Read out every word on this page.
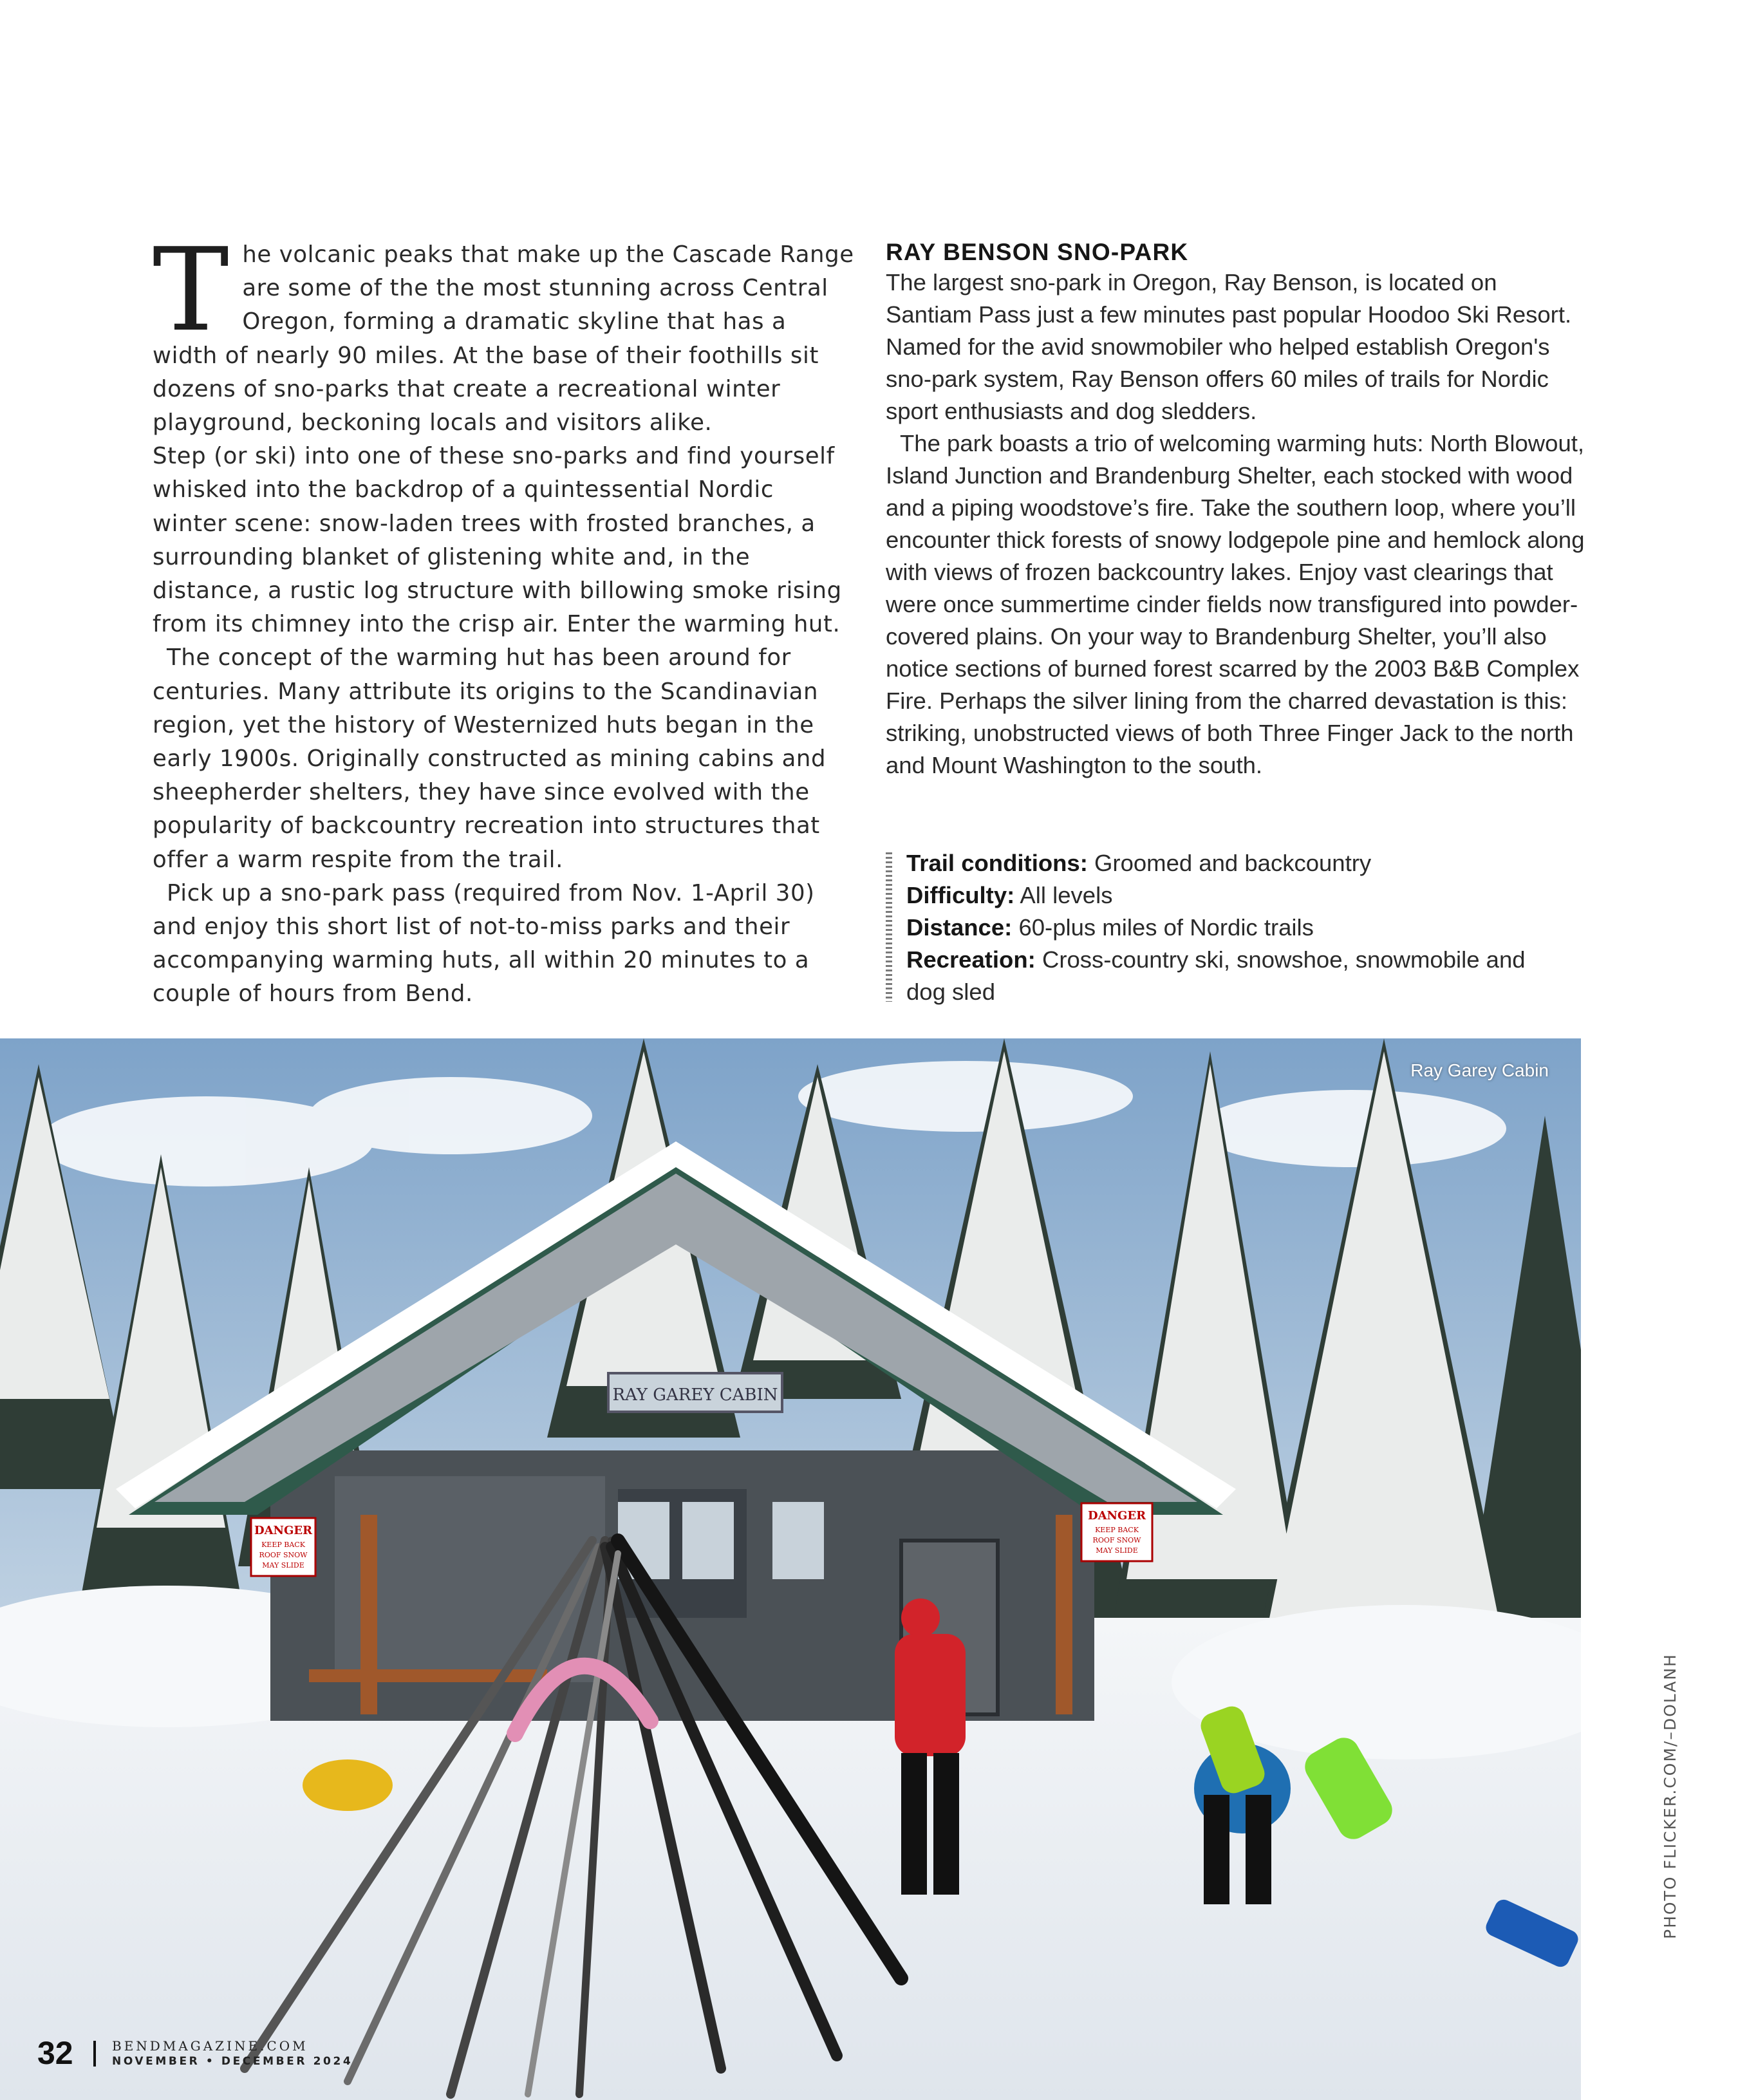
The volcanic peaks that make up the Cascade Range are some of the the most stunning across Central Oregon, forming a dramatic skyline that has a width of nearly 90 miles. At the base of their foothills sit dozens of sno-parks that create a recreational winter playground, beckoning locals and visitors alike.

Step (or ski) into one of these sno-parks and find yourself whisked into the backdrop of a quintessential Nordic winter scene: snow-laden trees with frosted branches, a surrounding blanket of glistening white and, in the distance, a rustic log structure with billowing smoke rising from its chimney into the crisp air. Enter the warming hut.

The concept of the warming hut has been around for centuries. Many attribute its origins to the Scandinavian region, yet the history of Westernized huts began in the early 1900s. Originally constructed as mining cabins and sheepherder shelters, they have since evolved with the popularity of backcountry recreation into structures that offer a warm respite from the trail.

Pick up a sno-park pass (required from Nov. 1-April 30) and enjoy this short list of not-to-miss parks and their accompanying warming huts, all within 20 minutes to a couple of hours from Bend.

RAY BENSON SNO-PARK

The largest sno-park in Oregon, Ray Benson, is located on Santiam Pass just a few minutes past popular Hoodoo Ski Resort. Named for the avid snowmobiler who helped establish Oregon's sno-park system, Ray Benson offers 60 miles of trails for Nordic sport enthusiasts and dog sledders.

The park boasts a trio of welcoming warming huts: North Blowout, Island Junction and Brandenburg Shelter, each stocked with wood and a piping woodstove’s fire. Take the southern loop, where you’ll encounter thick forests of snowy lodgepole pine and hemlock along with views of frozen backcountry lakes. Enjoy vast clearings that were once summertime cinder fields now transfigured into powder-covered plains. On your way to Brandenburg Shelter, you’ll also notice sections of burned forest scarred by the 2003 B&B Complex Fire. Perhaps the silver lining from the charred devastation is this: striking, unobstructed views of both Three Finger Jack to the north and Mount Washington to the south.

Trail conditions: Groomed and backcountry
Difficulty: All levels
Distance: 60-plus miles of Nordic trails
Recreation: Cross-country ski, snowshoe, snowmobile and dog sled
RAY GAREY CABIN
DANGER
KEEP BACK
ROOF SNOW
MAY SLIDE
DANGER
KEEP BACK
ROOF SNOW
MAY SLIDE
Ray Garey Cabin
32	BENDMAGAZINE.COM
NOVEMBER • DECEMBER 2024
PHOTO FLICKER.COM/–DOLANH
